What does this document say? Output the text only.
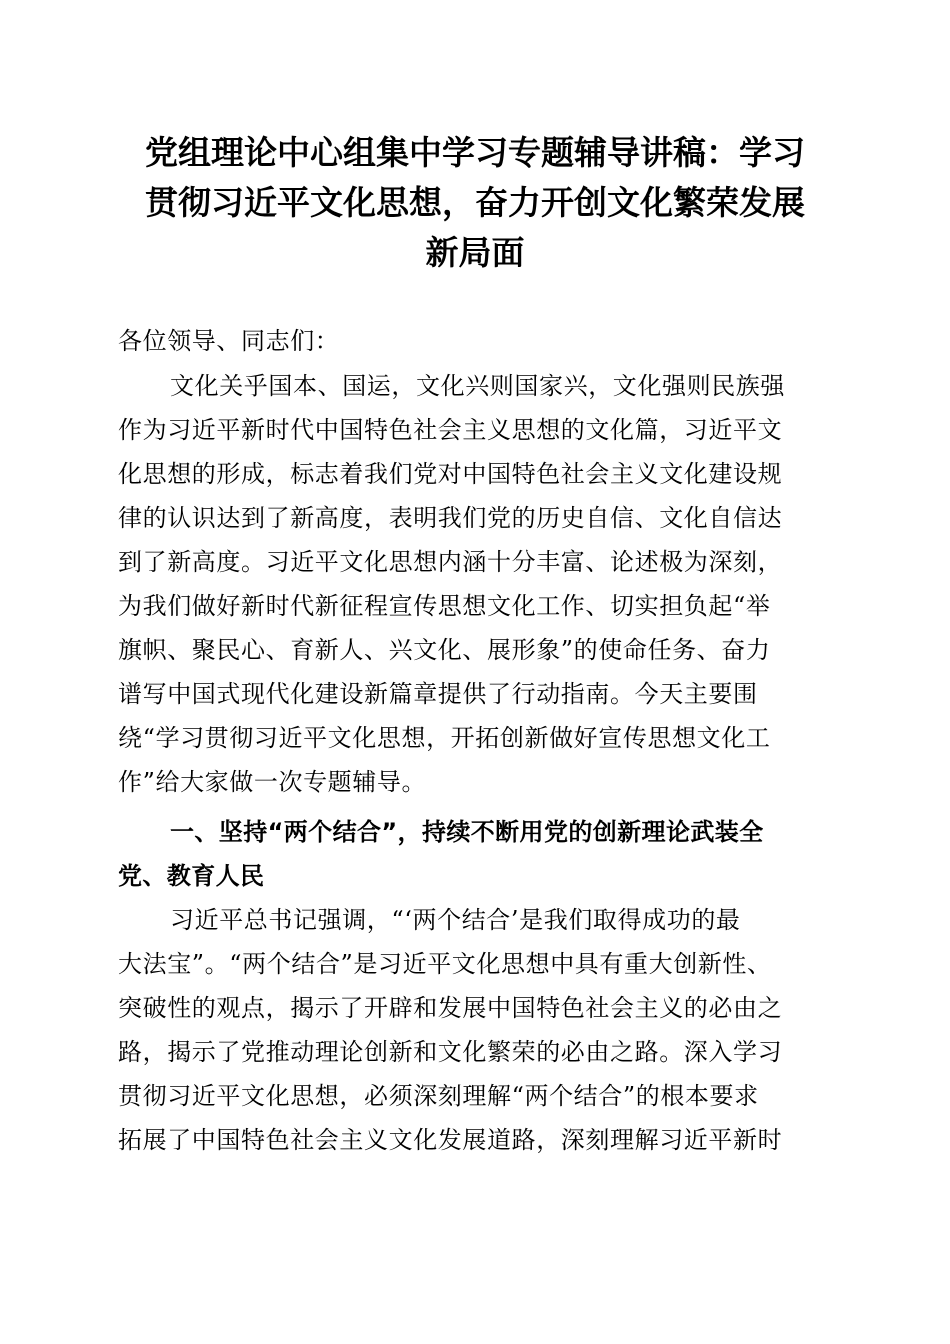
党组理论中心组集中学习专题辅导讲稿：学习
贯彻习近平文化思想，奋力开创文化繁荣发展
新局面
各位领导、同志们：
文化关乎国本、国运，文化兴则国家兴，文化强则民族强
作为习近平新时代中国特色社会主义思想的文化篇，习近平文
化思想的形成，标志着我们党对中国特色社会主义文化建设规
律的认识达到了新高度，表明我们党的历史自信、文化自信达
到了新高度。习近平文化思想内涵十分丰富、论述极为深刻，
为我们做好新时代新征程宣传思想文化工作、切实担负起“举
旗帜、聚民心、育新人、兴文化、展形象”的使命任务、奋力
谱写中国式现代化建设新篇章提供了行动指南。今天主要围
绕“学习贯彻习近平文化思想，开拓创新做好宣传思想文化工
作”给大家做一次专题辅导。
一、坚持“两个结合”，持续不断用党的创新理论武装全
党、教育人民
习近平总书记强调，“‘两个结合’是我们取得成功的最
大法宝”。“两个结合”是习近平文化思想中具有重大创新性、
突破性的观点，揭示了开辟和发展中国特色社会主义的必由之
路，揭示了党推动理论创新和文化繁荣的必由之路。深入学习
贯彻习近平文化思想，必须深刻理解“两个结合”的根本要求
拓展了中国特色社会主义文化发展道路，深刻理解习近平新时
